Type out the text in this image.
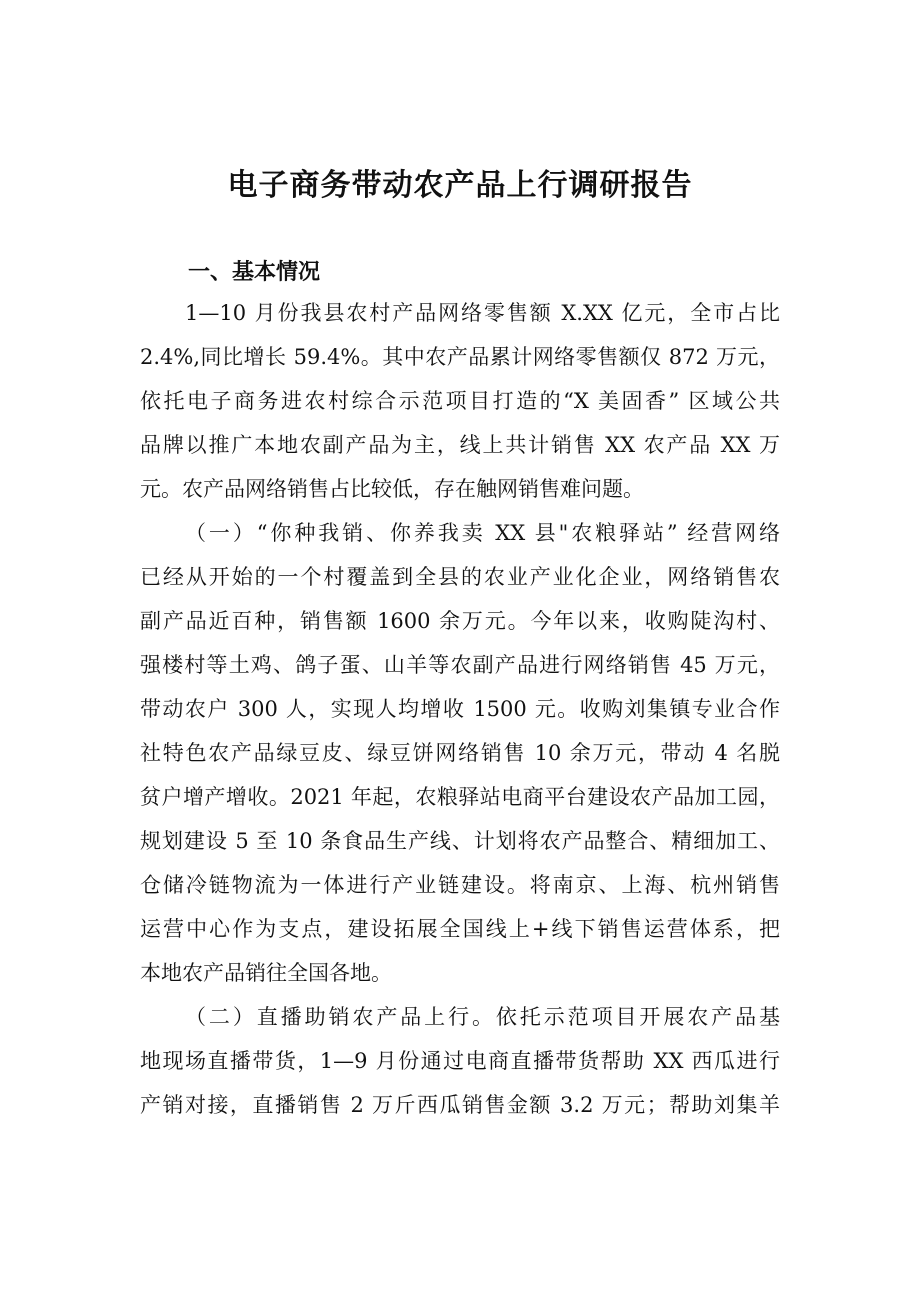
电子商务带动农产品上行调研报告
一、基本情况

1—10 月份我县农村产品网络零售额 X.XX 亿元，全市占比

2.4%,同比增长 59.4%。其中农产品累计网络零售额仅 872 万元，

依托电子商务进农村综合示范项目打造的“X 美固香” 区域公共

品牌以推广本地农副产品为主，线上共计销售 XX 农产品 XX 万

元。农产品网络销售占比较低，存在触网销售难问题。

（一）“你种我销、你养我卖 XX 县"农粮驿站” 经营网络

已经从开始的一个村覆盖到全县的农业产业化企业，网络销售农

副产品近百种，销售额 1600 余万元。今年以来，收购陡沟村、

强楼村等土鸡、鸽子蛋、山羊等农副产品进行网络销售 45 万元，

带动农户 300 人，实现人均增收 1500 元。收购刘集镇专业合作

社特色农产品绿豆皮、绿豆饼网络销售 10 余万元，带动 4 名脱

贫户增产增收。2021 年起，农粮驿站电商平台建设农产品加工园，

规划建设 5 至 10 条食品生产线、计划将农产品整合、精细加工、

仓储冷链物流为一体进行产业链建设。将南京、上海、杭州销售

运营中心作为支点，建设拓展全国线上+线下销售运营体系，把

本地农产品销往全国各地。

（二）直播助销农产品上行。依托示范项目开展农产品基

地现场直播带货，1—9 月份通过电商直播带货帮助 XX 西瓜进行

产销对接，直播销售 2 万斤西瓜销售金额 3.2 万元；帮助刘集羊
